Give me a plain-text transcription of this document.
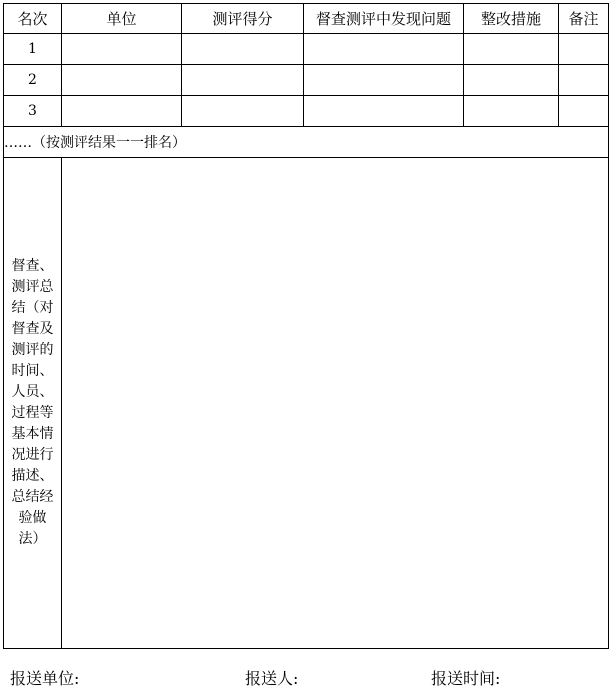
名次	单位	测评得分	督查测评中发现问题	整改措施	备注
1					
2					
3					
……（按测评结果一一排名）					
督查、测评总结（对督查及测评的时间、人员、过程等基本情况进行描述、总结经验做法）					
报送单位:	报送人:	报送时间:
